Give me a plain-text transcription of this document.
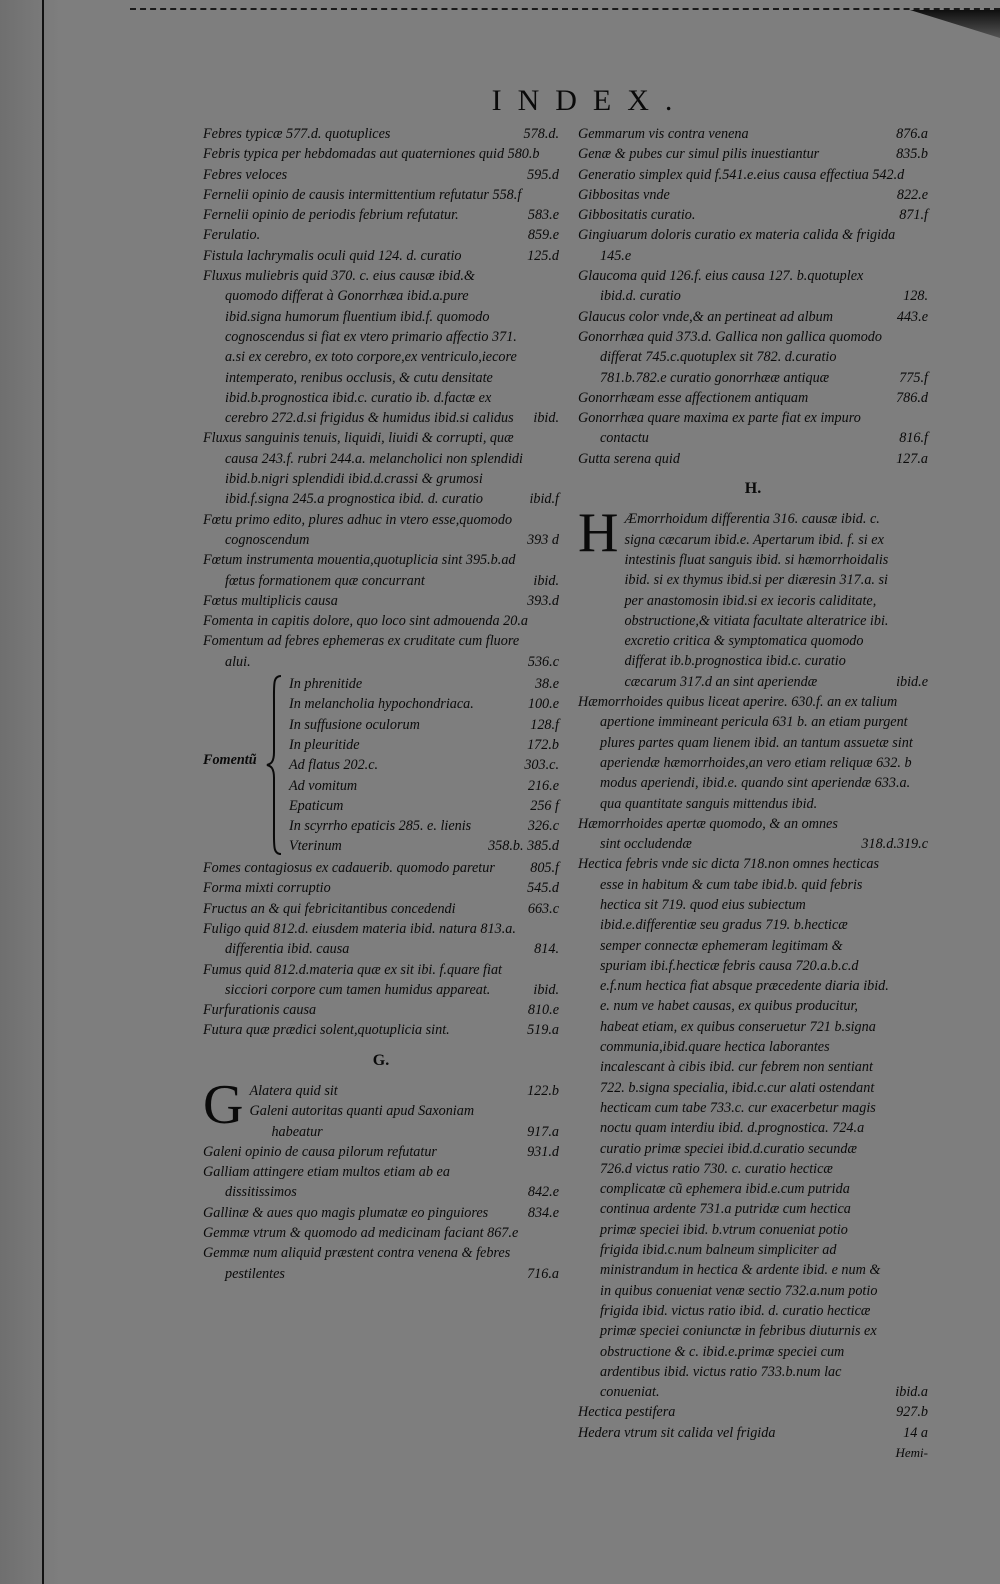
INDEX.
Febres typicæ 577.d. quotuplices	578.d.
Febris typica per hebdomadas aut quaterniones quid 580.b
Febres veloces	595.d
Fernelii opinio de causis intermittentium refutatur 558.f
Fernelii opinio de periodis febrium refutatur.	583.e
Ferulatio.	859.e
Fistula lachrymalis oculi quid 124. d. curatio	125.d
Fluxus muliebris quid 370. c. eius causæ ibid.& quomodo differat à Gonorrhæa ibid.a.pure ibid.signa humorum fluentium ibid.f. quomodo cognoscendus si fiat ex vtero primario affectio 371. a.si ex cerebro, ex toto corpore,ex ventriculo,iecore intemperato, renibus occlusis, & cutu densitate ibid.b.prognostica ibid.c. curatio ib. d.factæ ex cerebro 272.d.si frigidus & humidus ibid.si calidus	ibid.
Fluxus sanguinis tenuis, liquidi, liuidi & corrupti, quæ causa 243.f. rubri 244.a. melancholici non splendidi ibid.b.nigri splendidi ibid.d.crassi & grumosi ibid.f.signa 245.a prognostica ibid. d. curatio	ibid.f
Fœtu primo edito, plures adhuc in vtero esse,quomodo cognoscendum	393 d
Fœtum instrumenta mouentia,quotuplicia sint 395.b.ad fœtus formationem quæ concurrant	ibid.
Fœtus multiplicis causa	393.d
Fomenta in capitis dolore, quo loco sint admouenda 20.a
Fomentum ad febres ephemeras ex cruditate cum fluore alui.	536.c
Fomentũ
In phrenitide	38.e
In melancholia hypochondriaca.	100.e
In suffusione oculorum	128.f
In pleuritide	172.b
Ad flatus 202.c.	303.c.
Ad vomitum	216.e
Epaticum	256 f
In scyrrho epaticis 285. e. lienis	326.c
Vterinum	358.b. 385.d
Fomes contagiosus ex cadauerib. quomodo paretur	805.f
Forma mixti corruptio	545.d
Fructus an & qui febricitantibus concedendi	663.c
Fuligo quid 812.d. eiusdem materia ibid. natura 813.a. differentia ibid. causa	814.
Fumus quid 812.d.materia quæ ex sit ibi. f.quare fiat sicciori corpore cum tamen humidus appareat.	ibid.
Furfurationis causa	810.e
Futura quæ prædici solent,quotuplicia sint.	519.a
G.
G Alatera quid sit	122.b
Galeni autoritas quanti apud Saxoniam habeatur	917.a
Galeni opinio de causa pilorum refutatur	931.d
Galliam attingere etiam multos etiam ab ea dissitissimos	842.e
Gallinæ & aues quo magis plumatæ eo pinguiores	834.e
Gemmæ vtrum & quomodo ad medicinam faciant 867.e
Gemmæ num aliquid præstent contra venena & febres pestilentes	716.a
Gemmarum vis contra venena	876.a
Genæ & pubes cur simul pilis inuestiantur	835.b
Generatio simplex quid f.541.e.eius causa effectiua 542.d
Gibbositas vnde	822.e
Gibbositatis curatio.	871.f
Gingiuarum doloris curatio ex materia calida & frigida 145.e
Glaucoma quid 126.f. eius causa 127. b.quotuplex ibid.d. curatio	128.
Glaucus color vnde,& an pertineat ad album	443.e
Gonorrhæa quid 373.d. Gallica non gallica quomodo differat 745.c.quotuplex sit 782. d.curatio 781.b.782.e curatio gonorrhææ antiquæ	775.f
Gonorrhæam esse affectionem antiquam	786.d
Gonorrhæa quare maxima ex parte fiat ex impuro contactu	816.f
Gutta serena quid	127.a
H.
H Æmorrhoidum differentia 316. causæ ibid. c. signa cæcarum ibid.e. Apertarum ibid. f. si ex intestinis fluat sanguis ibid. si hæmorrhoidalis ibid. si ex thymus ibid.si per diæresin 317.a. si per anastomosin ibid.si ex iecoris caliditate, obstructione,& vitiata facultate alteratrice ibi. excretio critica & symptomatica quomodo differat ib.b.prognostica ibid.c. curatio cæcarum 317.d an sint aperiendæ	ibid.e
Hæmorrhoides quibus liceat aperire. 630.f. an ex talium apertione immineant pericula 631 b. an etiam purgent plures partes quam lienem ibid. an tantum assuetæ sint aperiendæ hæmorrhoides,an vero etiam reliquæ 632. b modus aperiendi, ibid.e. quando sint aperiendæ 633.a. qua quantitate sanguis mittendus ibid.
Hæmorrhoides apertæ quomodo, & an omnes sint occludendæ	318.d.319.c
Hectica febris vnde sic dicta 718.non omnes hecticas esse in habitum & cum tabe ibid.b. quid febris hectica sit 719. quod eius subiectum ibid.e.differentiæ seu gradus 719. b.hecticæ semper connectæ ephemeram legitimam & spuriam ibi.f.hecticæ febris causa 720.a.b.c.d e.f.num hectica fiat absque præcedente diaria ibid. e. num ve habet causas, ex quibus producitur, habeat etiam, ex quibus conseruetur 721 b.signa communia,ibid.quare hectica laborantes incalescant à cibis ibid. cur febrem non sentiant 722. b.signa specialia, ibid.c.cur alati ostendant hecticam cum tabe 733.c. cur exacerbetur magis noctu quam interdiu ibid. d.prognostica. 724.a curatio primæ speciei ibid.d.curatio secundæ 726.d victus ratio 730. c. curatio hecticæ complicatæ cũ ephemera ibid.e.cum putrida continua ardente 731.a putridæ cum hectica primæ speciei ibid. b.vtrum conueniat potio frigida ibid.c.num balneum simpliciter ad ministrandum in hectica & ardente ibid. e num & in quibus conueniat venæ sectio 732.a.num potio frigida ibid. victus ratio ibid. d. curatio hecticæ primæ speciei coniunctæ in febribus diuturnis ex obstructione & c. ibid.e.primæ speciei cum ardentibus ibid. victus ratio 733.b.num lac conueniat.	ibid.a
Hectica pestifera	927.b
Hedera vtrum sit calida vel frigida	14 a
Hemi-
